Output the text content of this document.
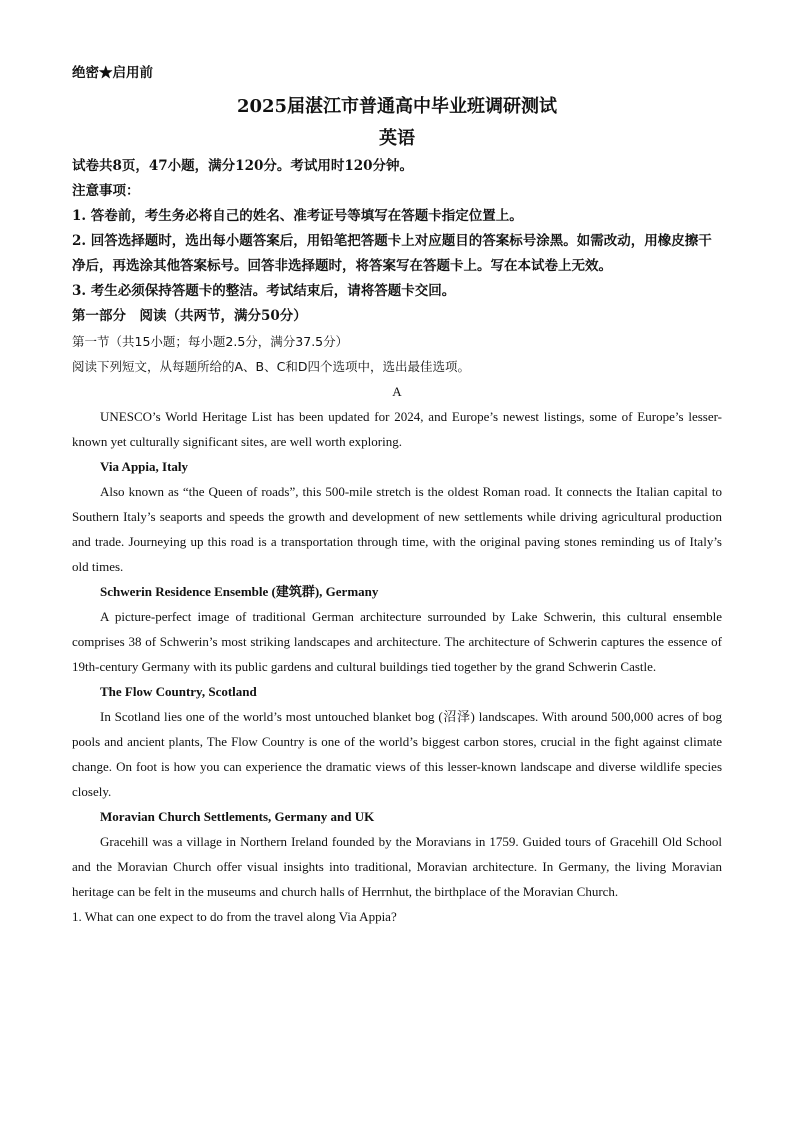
绝密★启用前
2025届湛江市普通高中毕业班调研测试
英语
试卷共8页，47小题，满分120分。考试用时120分钟。
注意事项：
1. 答卷前，考生务必将自己的姓名、准考证号等填写在答题卡指定位置上。
2. 回答选择题时，选出每小题答案后，用铅笔把答题卡上对应题目的答案标号涂黑。如需改动，用橡皮擦干净后，再选涂其他答案标号。回答非选择题时，将答案写在答题卡上。写在本试卷上无效。
3. 考生必须保持答题卡的整洁。考试结束后，请将答题卡交回。
第一部分　阅读（共两节，满分50分）
第一节（共15小题；每小题2.5分，满分37.5分）
阅读下列短文，从每题所给的A、B、C和D四个选项中，选出最佳选项。
A

UNESCO’s World Heritage List has been updated for 2024, and Europe’s newest listings, some of Europe’s lesser-known yet culturally significant sites, are well worth exploring.

Via Appia, Italy

Also known as “the Queen of roads”, this 500-mile stretch is the oldest Roman road. It connects the Italian capital to Southern Italy’s seaports and speeds the growth and development of new settlements while driving agricultural production and trade. Journeying up this road is a transportation through time, with the original paving stones reminding us of Italy’s old times.

Schwerin Residence Ensemble (建筑群), Germany

A picture-perfect image of traditional German architecture surrounded by Lake Schwerin, this cultural ensemble comprises 38 of Schwerin’s most striking landscapes and architecture. The architecture of Schwerin captures the essence of 19th-century Germany with its public gardens and cultural buildings tied together by the grand Schwerin Castle.

The Flow Country, Scotland

In Scotland lies one of the world’s most untouched blanket bog (沼泽) landscapes. With around 500,000 acres of bog pools and ancient plants, The Flow Country is one of the world’s biggest carbon stores, crucial in the fight against climate change. On foot is how you can experience the dramatic views of this lesser-known landscape and diverse wildlife species closely.

Moravian Church Settlements, Germany and UK

Gracehill was a village in Northern Ireland founded by the Moravians in 1759. Guided tours of Gracehill Old School and the Moravian Church offer visual insights into traditional, Moravian architecture. In Germany, the living Moravian heritage can be felt in the museums and church halls of Herrnhut, the birthplace of the Moravian Church.

1. What can one expect to do from the travel along Via Appia?
